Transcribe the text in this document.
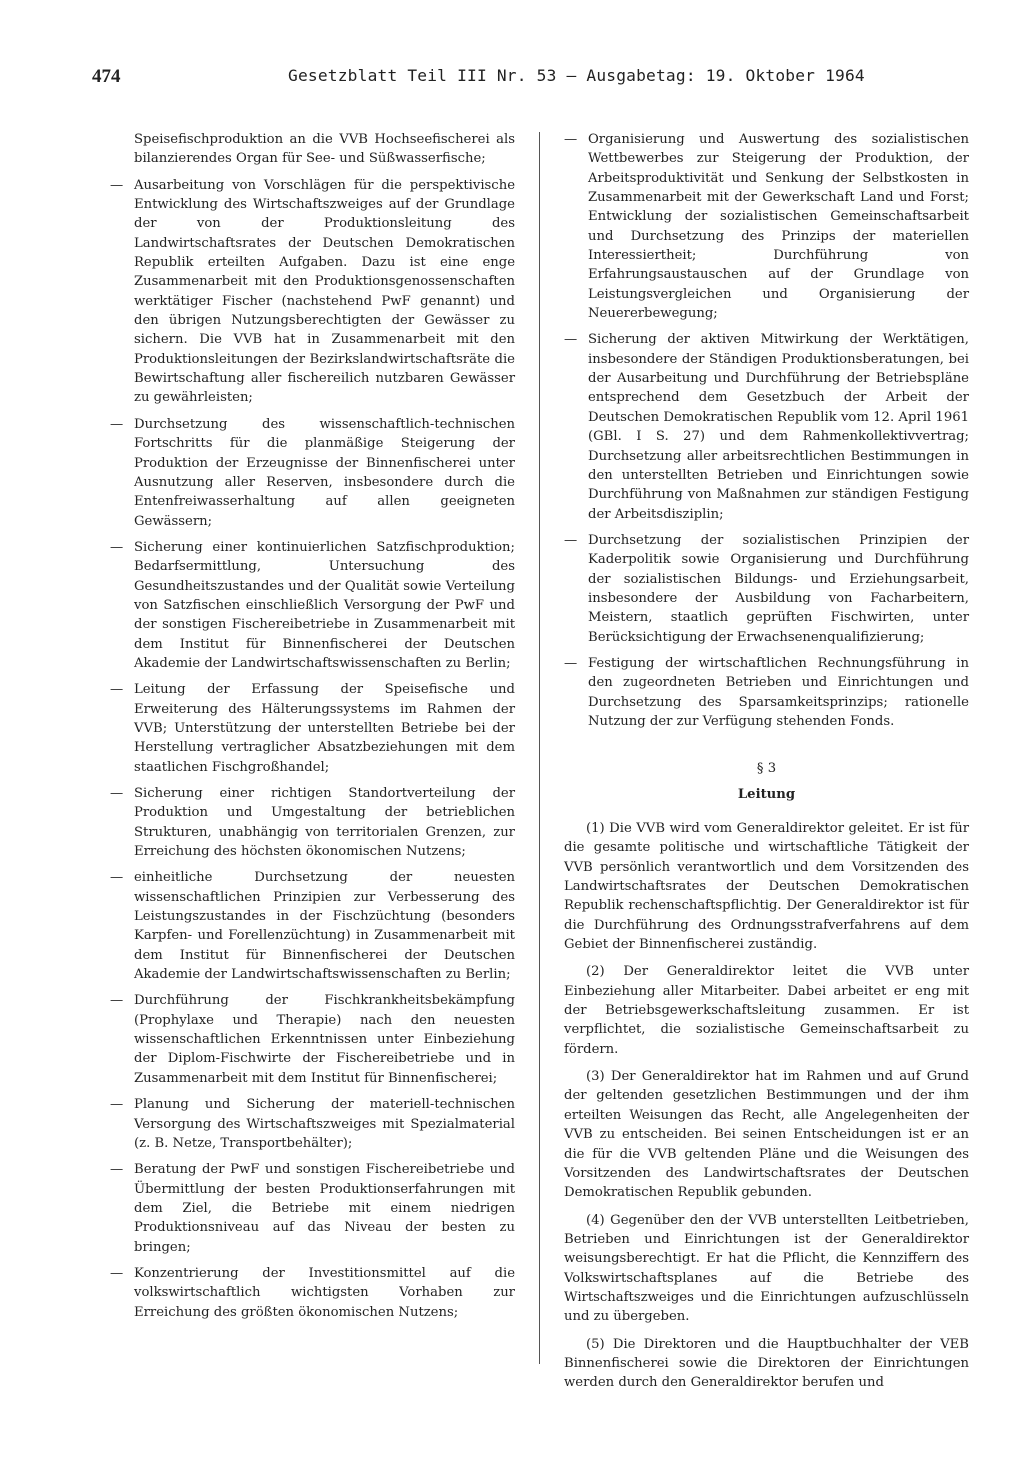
474	Gesetzblatt Teil III Nr. 53 — Ausgabetag: 19. Oktober 1964
Speisefischproduktion an die VVB Hochseefischerei als bilanzierendes Organ für See- und Süßwasserfische;
— Ausarbeitung von Vorschlägen für die perspektivische Entwicklung des Wirtschaftszweiges auf der Grundlage der von der Produktionsleitung des Landwirtschaftsrates der Deutschen Demokratischen Republik erteilten Aufgaben. Dazu ist eine enge Zusammenarbeit mit den Produktionsgenossenschaften werktätiger Fischer (nachstehend PwF genannt) und den übrigen Nutzungsberechtigten der Gewässer zu sichern. Die VVB hat in Zusammenarbeit mit den Produktionsleitungen der Bezirkslandwirtschaftsräte die Bewirtschaftung aller fischereilich nutzbaren Gewässer zu gewährleisten;
— Durchsetzung des wissenschaftlich-technischen Fortschritts für die planmäßige Steigerung der Produktion der Erzeugnisse der Binnenfischerei unter Ausnutzung aller Reserven, insbesondere durch die Entenfreiwasserhaltung auf allen geeigneten Gewässern;
— Sicherung einer kontinuierlichen Satzfischproduktion; Bedarfsermittlung, Untersuchung des Gesundheitszustandes und der Qualität sowie Verteilung von Satzfischen einschließlich Versorgung der PwF und der sonstigen Fischereibetriebe in Zusammenarbeit mit dem Institut für Binnenfischerei der Deutschen Akademie der Landwirtschaftswissenschaften zu Berlin;
— Leitung der Erfassung der Speisefische und Erweiterung des Hälterungssystems im Rahmen der VVB; Unterstützung der unterstellten Betriebe bei der Herstellung vertraglicher Absatzbeziehungen mit dem staatlichen Fischgroßhandel;
— Sicherung einer richtigen Standortverteilung der Produktion und Umgestaltung der betrieblichen Strukturen, unabhängig von territorialen Grenzen, zur Erreichung des höchsten ökonomischen Nutzens;
— einheitliche Durchsetzung der neuesten wissenschaftlichen Prinzipien zur Verbesserung des Leistungszustandes in der Fischzüchtung (besonders Karpfen- und Forellenzüchtung) in Zusammenarbeit mit dem Institut für Binnenfischerei der Deutschen Akademie der Landwirtschaftswissenschaften zu Berlin;
— Durchführung der Fischkrankheitsbekämpfung (Prophylaxe und Therapie) nach den neuesten wissenschaftlichen Erkenntnissen unter Einbeziehung der Diplom-Fischwirte der Fischereibetriebe und in Zusammenarbeit mit dem Institut für Binnenfischerei;
— Planung und Sicherung der materiell-technischen Versorgung des Wirtschaftszweiges mit Spezialmaterial (z. B. Netze, Transportbehälter);
— Beratung der PwF und sonstigen Fischereibetriebe und Übermittlung der besten Produktionserfahrungen mit dem Ziel, die Betriebe mit einem niedrigen Produktionsniveau auf das Niveau der besten zu bringen;
— Konzentrierung der Investitionsmittel auf die volkswirtschaftlich wichtigsten Vorhaben zur Erreichung des größten ökonomischen Nutzens;
— Organisierung und Auswertung des sozialistischen Wettbewerbes zur Steigerung der Produktion, der Arbeitsproduktivität und Senkung der Selbstkosten in Zusammenarbeit mit der Gewerkschaft Land und Forst; Entwicklung der sozialistischen Gemeinschaftsarbeit und Durchsetzung des Prinzips der materiellen Interessiertheit; Durchführung von Erfahrungsaustauschen auf der Grundlage von Leistungsvergleichen und Organisierung der Neuererbewegung;
— Sicherung der aktiven Mitwirkung der Werktätigen, insbesondere der Ständigen Produktionsberatungen, bei der Ausarbeitung und Durchführung der Betriebspläne entsprechend dem Gesetzbuch der Arbeit der Deutschen Demokratischen Republik vom 12. April 1961 (GBl. I S. 27) und dem Rahmenkollektivvertrag; Durchsetzung aller arbeitsrechtlichen Bestimmungen in den unterstellten Betrieben und Einrichtungen sowie Durchführung von Maßnahmen zur ständigen Festigung der Arbeitsdisziplin;
— Durchsetzung der sozialistischen Prinzipien der Kaderpolitik sowie Organisierung und Durchführung der sozialistischen Bildungs- und Erziehungsarbeit, insbesondere der Ausbildung von Facharbeitern, Meistern, staatlich geprüften Fischwirten, unter Berücksichtigung der Erwachsenenqualifizierung;
— Festigung der wirtschaftlichen Rechnungsführung in den zugeordneten Betrieben und Einrichtungen und Durchsetzung des Sparsamkeitsprinzips; rationelle Nutzung der zur Verfügung stehenden Fonds.
§ 3
Leitung
(1) Die VVB wird vom Generaldirektor geleitet. Er ist für die gesamte politische und wirtschaftliche Tätigkeit der VVB persönlich verantwortlich und dem Vorsitzenden des Landwirtschaftsrates der Deutschen Demokratischen Republik rechenschaftspflichtig. Der Generaldirektor ist für die Durchführung des Ordnungsstrafverfahrens auf dem Gebiet der Binnenfischerei zuständig.
(2) Der Generaldirektor leitet die VVB unter Einbeziehung aller Mitarbeiter. Dabei arbeitet er eng mit der Betriebsgewerkschaftsleitung zusammen. Er ist verpflichtet, die sozialistische Gemeinschaftsarbeit zu fördern.
(3) Der Generaldirektor hat im Rahmen und auf Grund der geltenden gesetzlichen Bestimmungen und der ihm erteilten Weisungen das Recht, alle Angelegenheiten der VVB zu entscheiden. Bei seinen Entscheidungen ist er an die für die VVB geltenden Pläne und die Weisungen des Vorsitzenden des Landwirtschaftsrates der Deutschen Demokratischen Republik gebunden.
(4) Gegenüber den der VVB unterstellten Leitbetrieben, Betrieben und Einrichtungen ist der Generaldirektor weisungsberechtigt. Er hat die Pflicht, die Kennziffern des Volkswirtschaftsplanes auf die Betriebe des Wirtschaftszweiges und die Einrichtungen aufzuschlüsseln und zu übergeben.
(5) Die Direktoren und die Hauptbuchhalter der VEB Binnenfischerei sowie die Direktoren der Einrichtungen werden durch den Generaldirektor berufen und
